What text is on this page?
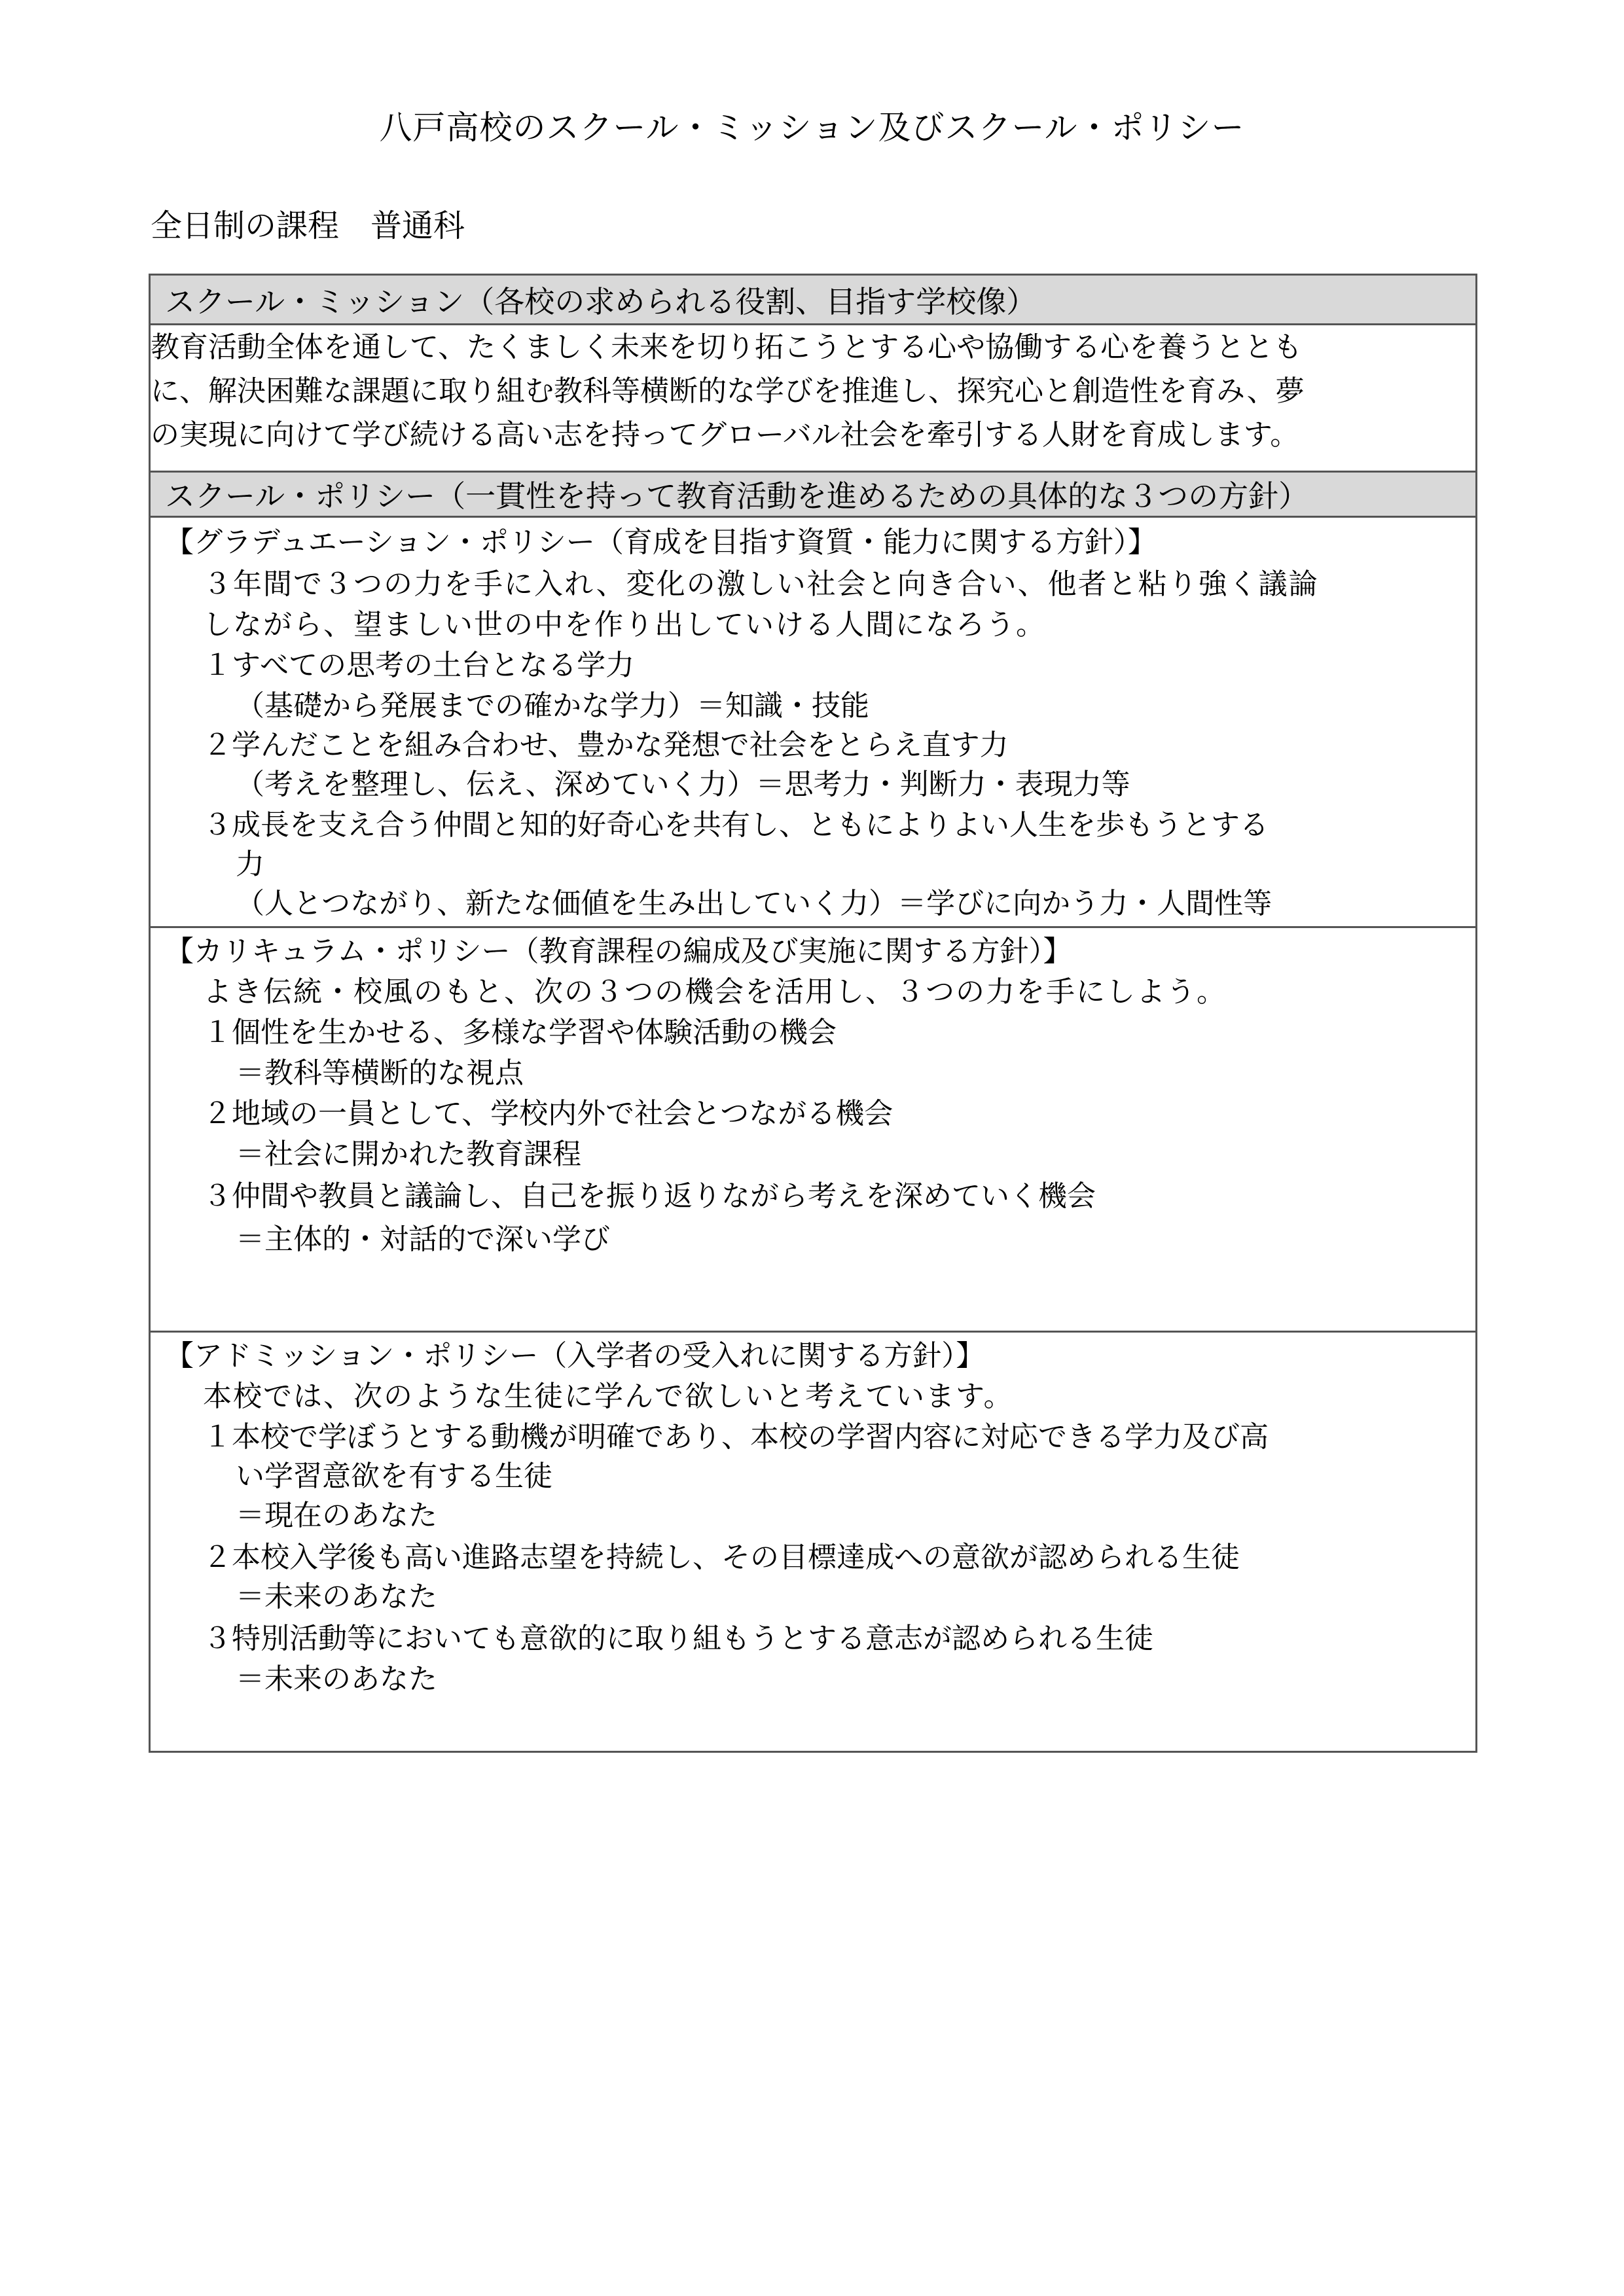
八戸高校のスクール・ミッション及びスクール・ポリシー
全日制の課程　普通科
スクール・ミッション（各校の求められる役割、目指す学校像）
教育活動全体を通して、たくましく未来を切り拓こうとする心や協働する心を養うととも
に、解決困難な課題に取り組む教科等横断的な学びを推進し、探究心と創造性を育み、夢
の実現に向けて学び続ける高い志を持ってグローバル社会を牽引する人財を育成します。
スクール・ポリシー（一貫性を持って教育活動を進めるための具体的な３つの方針）
【グラデュエーション・ポリシー（育成を目指す資質・能力に関する方針）】
３年間で３つの力を手に入れ、変化の激しい社会と向き合い、他者と粘り強く議論
しながら、望ましい世の中を作り出していける人間になろう。
１すべての思考の土台となる学力
（基礎から発展までの確かな学力）＝知識・技能
２学んだことを組み合わせ、豊かな発想で社会をとらえ直す力
（考えを整理し、伝え、深めていく力）＝思考力・判断力・表現力等
３成長を支え合う仲間と知的好奇心を共有し、ともによりよい人生を歩もうとする
力
（人とつながり、新たな価値を生み出していく力）＝学びに向かう力・人間性等
【カリキュラム・ポリシー（教育課程の編成及び実施に関する方針）】
よき伝統・校風のもと、次の３つの機会を活用し、３つの力を手にしよう。
１個性を生かせる、多様な学習や体験活動の機会
＝教科等横断的な視点
２地域の一員として、学校内外で社会とつながる機会
＝社会に開かれた教育課程
３仲間や教員と議論し、自己を振り返りながら考えを深めていく機会
＝主体的・対話的で深い学び
【アドミッション・ポリシー（入学者の受入れに関する方針）】
本校では、次のような生徒に学んで欲しいと考えています。
１本校で学ぼうとする動機が明確であり、本校の学習内容に対応できる学力及び高
い学習意欲を有する生徒
＝現在のあなた
２本校入学後も高い進路志望を持続し、その目標達成への意欲が認められる生徒
＝未来のあなた
３特別活動等においても意欲的に取り組もうとする意志が認められる生徒
＝未来のあなた
